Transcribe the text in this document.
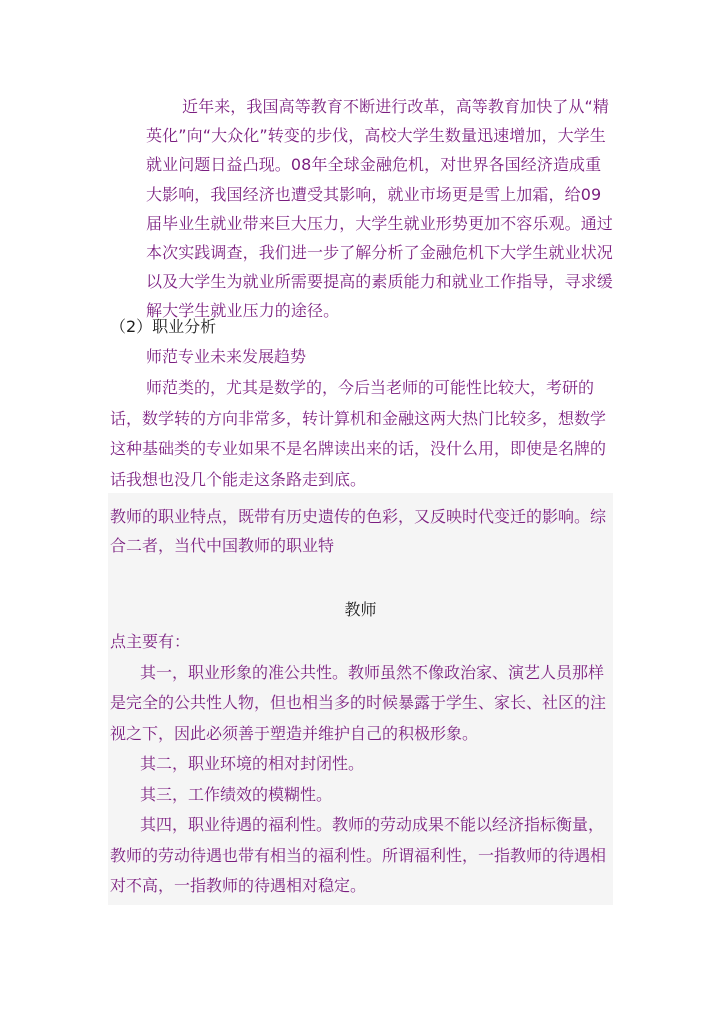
近年来，我国高等教育不断进行改革，高等教育加快了从“精英化”向“大众化”转变的步伐，高校大学生数量迅速增加，大学生就业问题日益凸现。08年全球金融危机，对世界各国经济造成重大影响，我国经济也遭受其影响，就业市场更是雪上加霜，给09届毕业生就业带来巨大压力，大学生就业形势更加不容乐观。通过本次实践调查，我们进一步了解分析了金融危机下大学生就业状况以及大学生为就业所需要提高的素质能力和就业工作指导，寻求缓解大学生就业压力的途径。

（2）职业分析
师范专业未来发展趋势

师范类的，尤其是数学的，今后当老师的可能性比较大，考研的话，数学转的方向非常多，转计算机和金融这两大热门比较多，想数学这种基础类的专业如果不是名牌读出来的话，没什么用，即使是名牌的话我想也没几个能走这条路走到底。

教师的职业特点，既带有历史遗传的色彩，又反映时代变迁的影响。综合二者，当代中国教师的职业特

教师

点主要有：

其一，职业形象的准公共性。教师虽然不像政治家、演艺人员那样是完全的公共性人物，但也相当多的时候暴露于学生、家长、社区的注视之下，因此必须善于塑造并维护自己的积极形象。

其二，职业环境的相对封闭性。

其三，工作绩效的模糊性。

其四，职业待遇的福利性。教师的劳动成果不能以经济指标衡量，教师的劳动待遇也带有相当的福利性。所谓福利性，一指教师的待遇相对不高，一指教师的待遇相对稳定。
